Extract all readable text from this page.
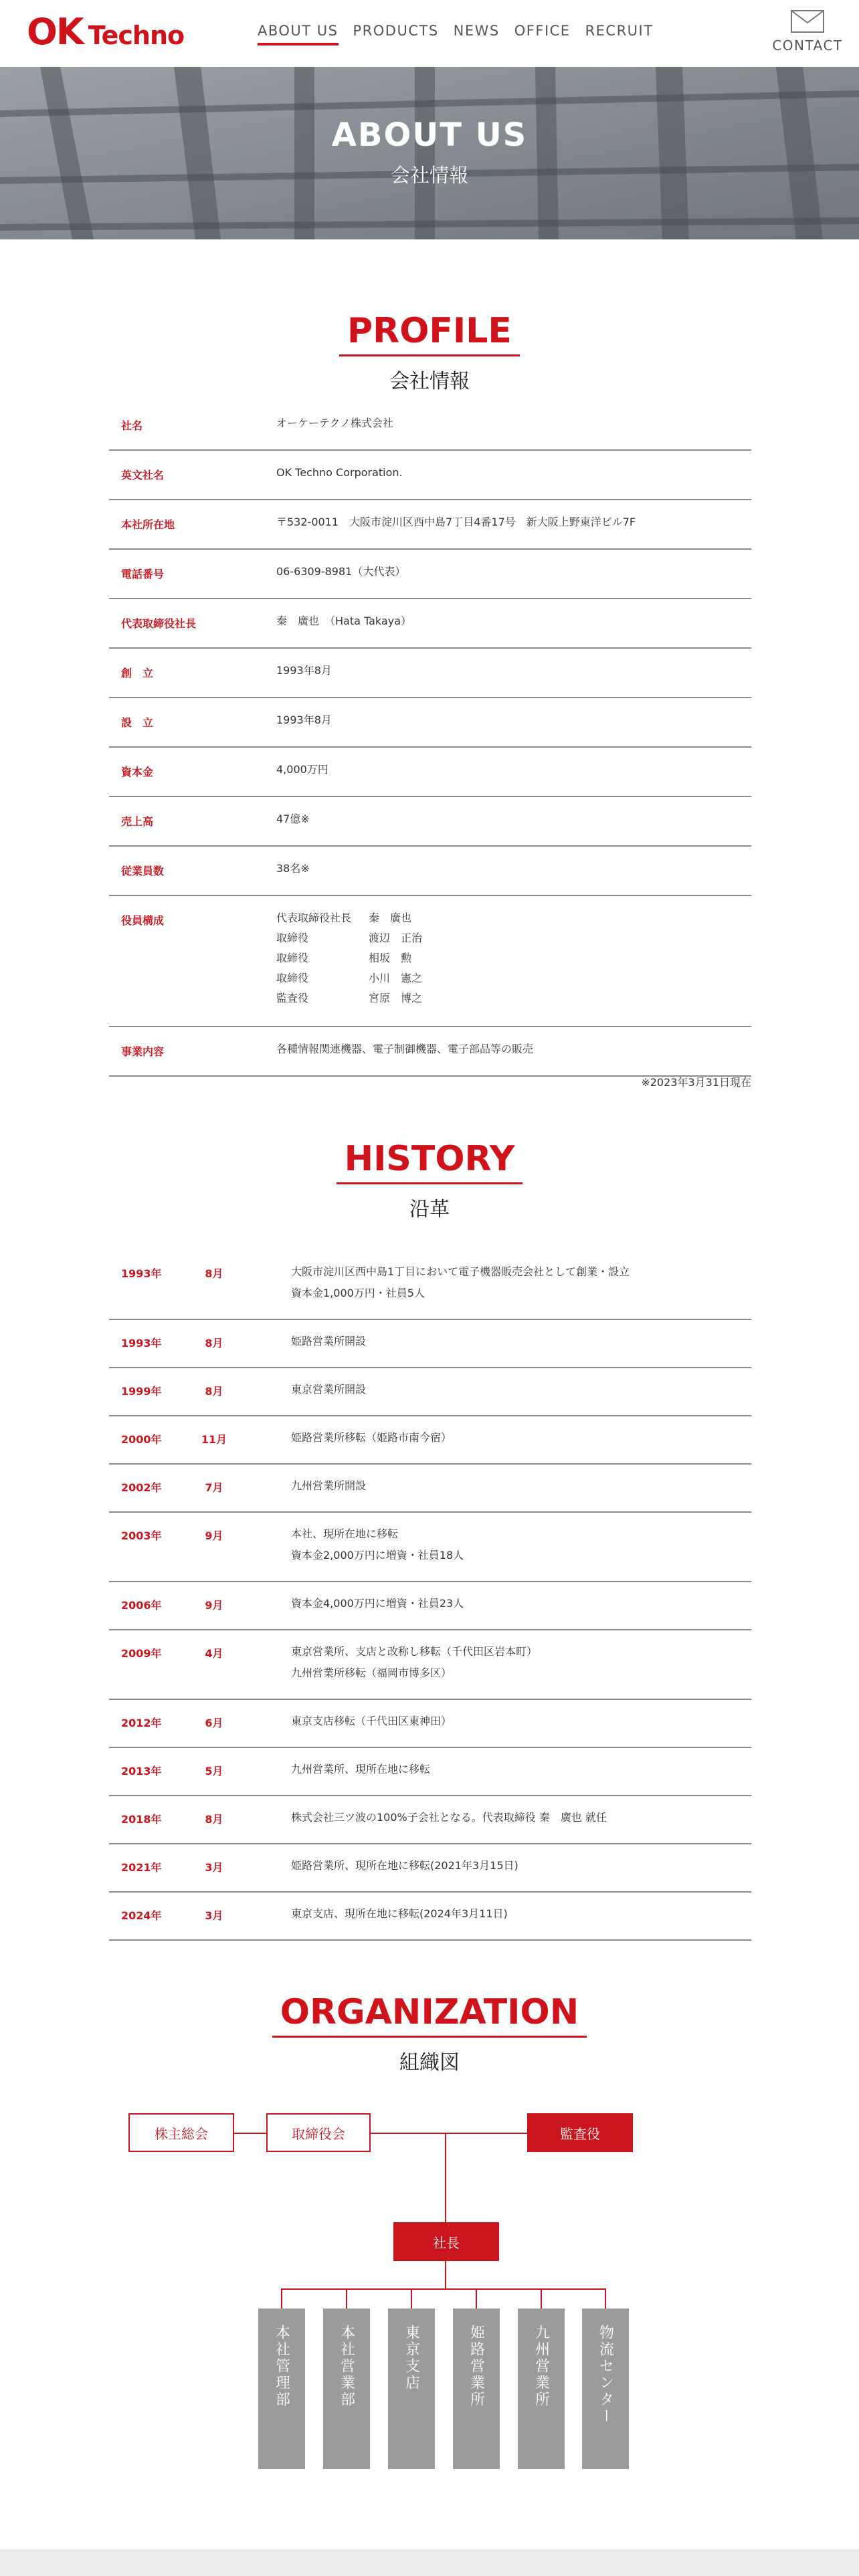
OK Techno	ABOUT US PRODUCTS NEWS OFFICE RECRUIT
CONTACT
ABOUT US
会社情報
PROFILE
会社情報
社名	オーケーテクノ株式会社
英文社名	OK Techno Corporation.
本社所在地	〒532-0011　大阪市淀川区西中島7丁目4番17号　新大阪上野東洋ビル7F
電話番号	06-6309-8981（大代表）
代表取締役社長	秦　廣也　（Hata Takaya）
創　立	1993年8月
設　立	1993年8月
資本金	4,000万円
売上高	47億※
従業員数	38名※
役員構成	代表取締役社長	秦　廣也
取締役	渡辺　正治
取締役	相坂　勲
取締役	小川　憲之
監査役	宮原　博之
事業内容	各種情報関連機器、電子制御機器、電子部品等の販売
※2023年3月31日現在
HISTORY
沿革
1993年	8月	大阪市淀川区西中島1丁目において電子機器販売会社として創業・設立
資本金1,000万円・社員5人
1993年	8月	姫路営業所開設
1999年	8月	東京営業所開設
2000年	11月	姫路営業所移転（姫路市南今宿）
2002年	7月	九州営業所開設
2003年	9月	本社、現所在地に移転
資本金2,000万円に増資・社員18人
2006年	9月	資本金4,000万円に増資・社員23人
2009年	4月	東京営業所、支店と改称し移転（千代田区岩本町）
九州営業所移転（福岡市博多区）
2012年	6月	東京支店移転（千代田区東神田）
2013年	5月	九州営業所、現所在地に移転
2018年	8月	株式会社三ツ波の100%子会社となる。代表取締役 秦　廣也 就任
2021年	3月	姫路営業所、現所在地に移転(2021年3月15日)
2024年	3月	東京支店、現所在地に移転(2024年3月11日)
ORGANIZATION
組織図
株主総会	取締役会	監査役
社長
本社管理部	本社営業部	東京支店	姫路営業所	九州営業所	物流センター
